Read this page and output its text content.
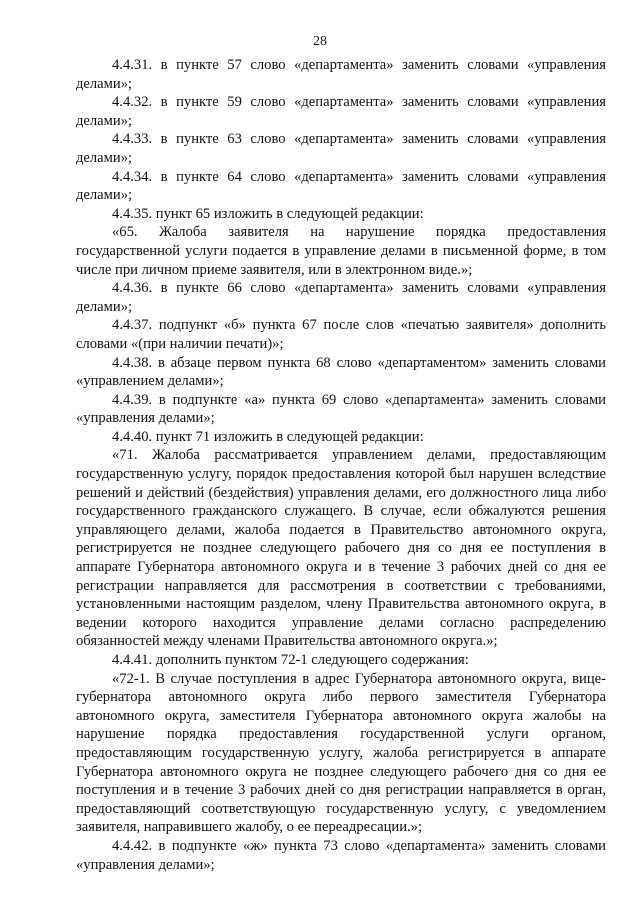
28

4.4.31. в пункте 57 слово «департамента» заменить словами «управления делами»;

4.4.32. в пункте 59 слово «департамента» заменить словами «управления делами»;

4.4.33. в пункте 63 слово «департамента» заменить словами «управления делами»;

4.4.34. в пункте 64 слово «департамента» заменить словами «управления делами»;

4.4.35. пункт 65 изложить в следующей редакции:

«65. Жалоба заявителя на нарушение порядка предоставления государственной услуги подается в управление делами в письменной форме, в том числе при личном приеме заявителя, или в электронном виде.»;

4.4.36. в пункте 66 слово «департамента» заменить словами «управления делами»;

4.4.37. подпункт «б» пункта 67 после слов «печатью заявителя» дополнить словами «(при наличии печати)»;

4.4.38. в абзаце первом пункта 68 слово «департаментом» заменить словами «управлением делами»;

4.4.39. в подпункте «а» пункта 69 слово «департамента» заменить словами «управления делами»;

4.4.40. пункт 71 изложить в следующей редакции:

«71. Жалоба рассматривается управлением делами, предоставляющим государственную услугу, порядок предоставления которой был нарушен вследствие решений и действий (бездействия) управления делами, его должностного лица либо государственного гражданского служащего. В случае, если обжалуются решения управляющего делами, жалоба подается в Правительство автономного округа, регистрируется не позднее следующего рабочего дня со дня ее поступления в аппарате Губернатора автономного округа и в течение 3 рабочих дней со дня ее регистрации направляется для рассмотрения в соответствии с требованиями, установленными настоящим разделом, члену Правительства автономного округа, в ведении которого находится управление делами согласно распределению обязанностей между членами Правительства автономного округа.»;

4.4.41. дополнить пунктом 72-1 следующего содержания:

«72-1. В случае поступления в адрес Губернатора автономного округа, вице-губернатора автономного округа либо первого заместителя Губернатора автономного округа, заместителя Губернатора автономного округа жалобы на нарушение порядка предоставления государственной услуги органом, предоставляющим государственную услугу, жалоба регистрируется в аппарате Губернатора автономного округа не позднее следующего рабочего дня со дня ее поступления и в течение 3 рабочих дней со дня регистрации направляется в орган, предоставляющий соответствующую государственную услугу, с уведомлением заявителя, направившего жалобу, о ее переадресации.»;

4.4.42. в подпункте «ж» пункта 73 слово «департамента» заменить словами «управления делами»;
